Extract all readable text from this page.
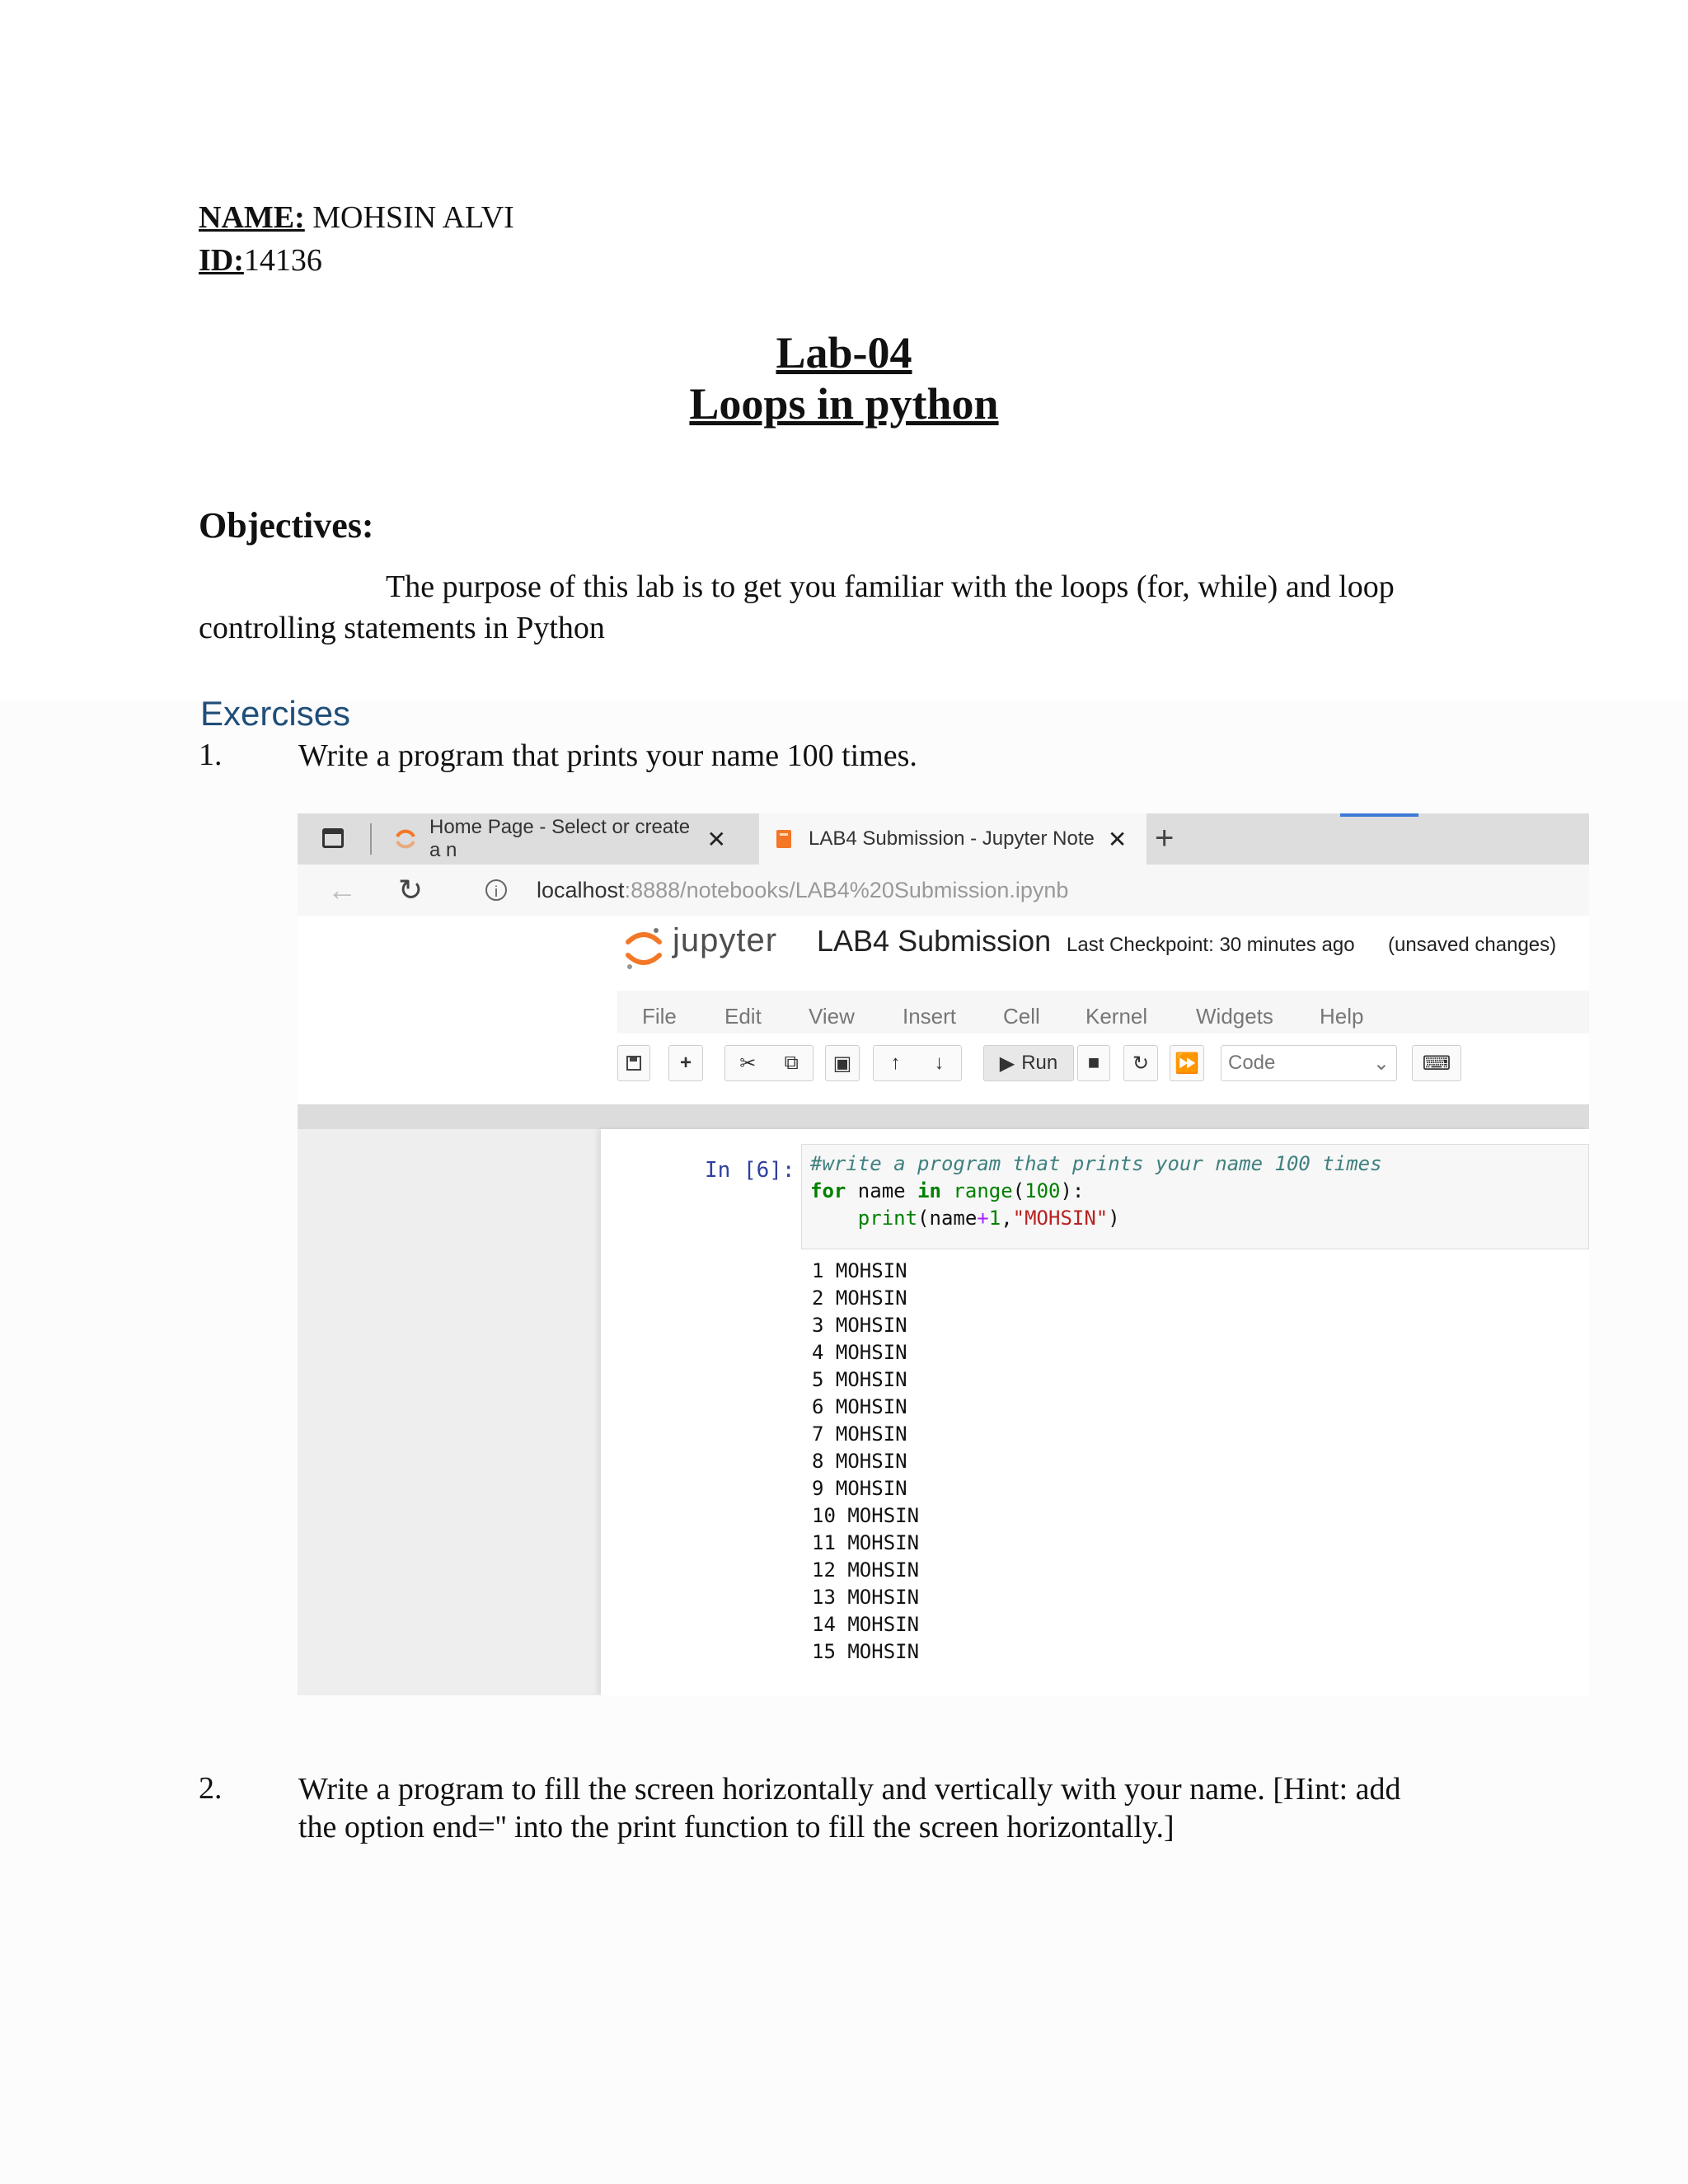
NAME: MOHSIN ALVI
ID:14136
Lab-04
Loops in python
Objectives:
The purpose of this lab is to get you familiar with the loops (for, while) and loop
controlling statements in Python
Exercises
1. Write a program that prints your name 100 times.
Home Page - Select or create a n	✕	LAB4 Submission - Jupyter Note ✕ +
← ↻	i	localhost:8888/notebooks/LAB4%20Submission.ipynb
jupyter LAB4 Submission Last Checkpoint: 30 minutes ago (unsaved changes)
File Edit View Insert Cell Kernel Widgets Help
+	✂ ⧉	▣	↑ ↓	▶ Run	■	↻	⏩ Code	⌄	⌨
In [6]: #write a program that prints your name 100 times
for name in range(100):
print(name+1,"MOHSIN")
1 MOHSIN
2 MOHSIN
3 MOHSIN
4 MOHSIN
5 MOHSIN
6 MOHSIN
7 MOHSIN
8 MOHSIN
9 MOHSIN
10 MOHSIN
11 MOHSIN
12 MOHSIN
13 MOHSIN
14 MOHSIN
15 MOHSIN
2. Write a program to fill the screen horizontally and vertically with your name. [Hint: add
the option end='' into the print function to fill the screen horizontally.]
